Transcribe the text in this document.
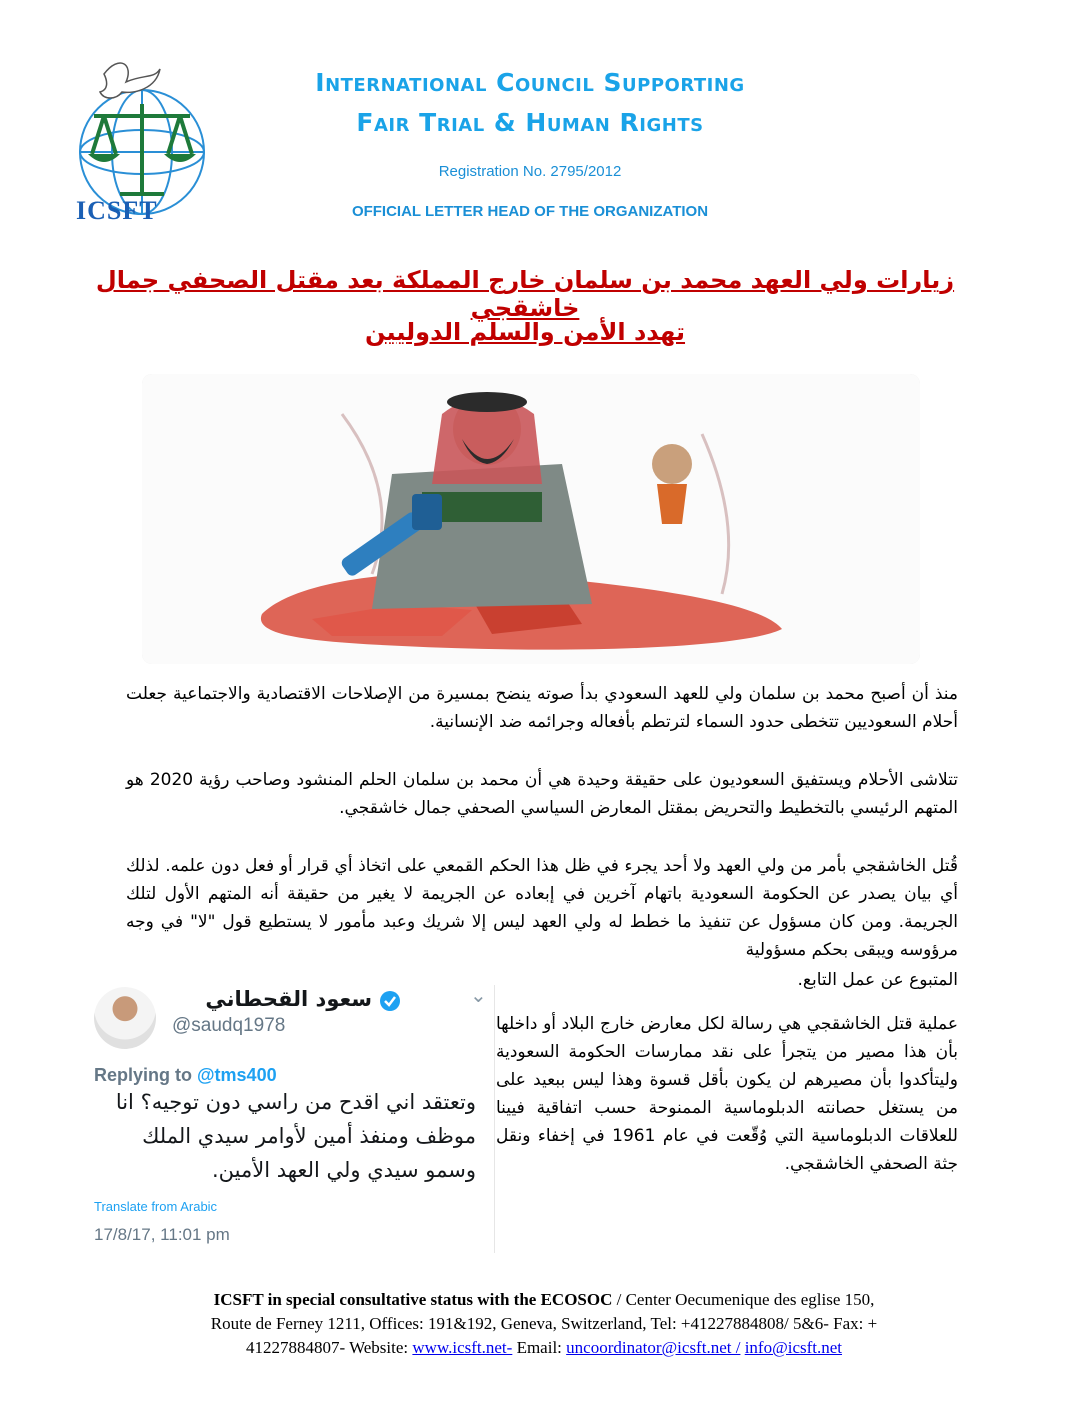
ICSFT
International Council Supporting
Fair Trial & Human Rights
Registration No. 2795/2012
OFFICIAL LETTER HEAD OF THE ORGANIZATION
زيارات ولي العهد محمد بن سلمان خارج المملكة بعد مقتل الصحفي جمال خاشقجي
تهدد الأمن والسلم الدوليين
منذ أن أصبح محمد بن سلمان ولي للعهد السعودي بدأ صوته ينضح بمسيرة من الإصلاحات الاقتصادية والاجتماعية جعلت أحلام السعوديين تتخطى حدود السماء لترتطم بأفعاله وجرائمه ضد الإنسانية.
تتلاشى الأحلام ويستفيق السعوديون على حقيقة وحيدة هي أن محمد بن سلمان الحلم المنشود وصاحب رؤية 2020 هو المتهم الرئيسي بالتخطيط والتحريض بمقتل المعارض السياسي الصحفي جمال خاشقجي.
قُتل الخاشقجي بأمر من ولي العهد ولا أحد يجرء في ظل هذا الحكم القمعي على اتخاذ أي قرار أو فعل دون علمه. لذلك أي بيان يصدر عن الحكومة السعودية باتهام آخرين في إبعاده عن الجريمة لا يغير من حقيقة أنه المتهم الأول لتلك الجريمة. ومن كان مسؤول عن تنفيذ ما خطط له ولي العهد ليس إلا شريك وعبد مأمور لا يستطيع قول "لا" في وجه مرؤوسه ويبقى بحكم مسؤولية
عملية قتل الخاشقجي هي رسالة لكل معارض خارج البلاد أو داخلها بأن هذا مصير من يتجرأ على نقد ممارسات الحكومة السعودية وليتأكدوا بأن مصيرهم لن يكون بأقل قسوة وهذا ليس ببعيد على من يستغل حصانته الدبلوماسية الممنوحة حسب اتفاقية فيينا للعلاقات الدبلوماسية التي وُقّعت في عام 1961 في إخفاء ونقل جثة الصحفي الخاشقجي.
المتبوع عن عمل التابع.
سعود القحطاني
@saudq1978
⌄
Replying to @tms400
وتعتقد اني اقدح من راسي دون توجيه؟ انا موظف ومنفذ أمين لأوامر سيدي الملك وسمو سيدي ولي العهد الأمين.
Translate from Arabic
17/8/17, 11:01 pm
ICSFT in special consultative status with the ECOSOC / Center Oecumenique des eglise 150,
Route de Ferney 1211, Offices: 191&192, Geneva, Switzerland, Tel: +41227884808/ 5&6- Fax: +
41227884807- Website: www.icsft.net- Email: uncoordinator@icsft.net / info@icsft.net
